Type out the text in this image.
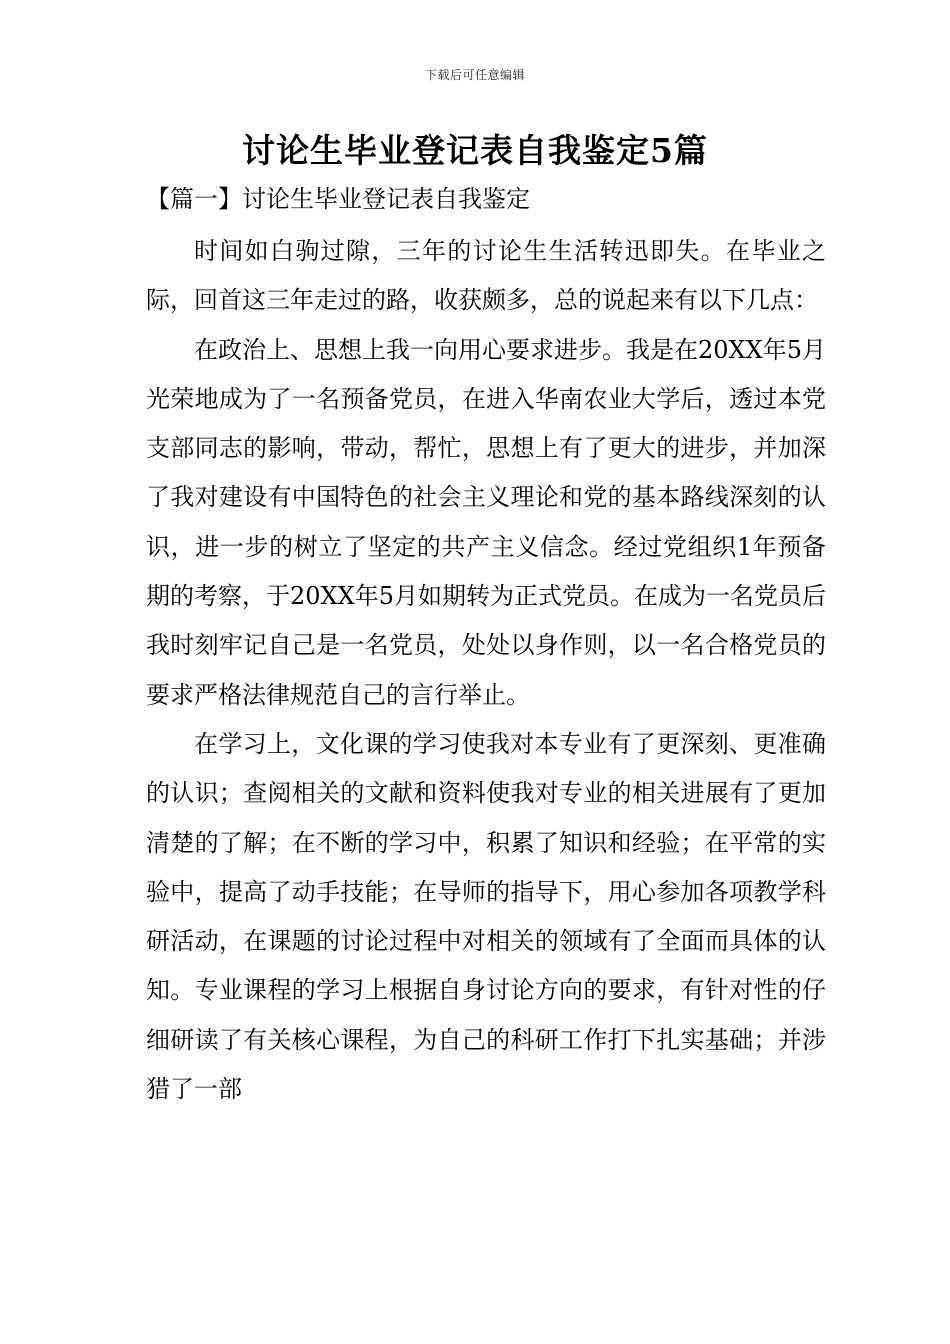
下载后可任意编辑
讨论生毕业登记表自我鉴定5篇
【篇一】讨论生毕业登记表自我鉴定

时间如白驹过隙，三年的讨论生生活转迅即失。在毕业之际，回首这三年走过的路，收获颇多，总的说起来有以下几点：

在政治上、思想上我一向用心要求进步。我是在20XX年5月光荣地成为了一名预备党员，在进入华南农业大学后，透过本党支部同志的影响，带动，帮忙，思想上有了更大的进步，并加深了我对建设有中国特色的社会主义理论和党的基本路线深刻的认识，进一步的树立了坚定的共产主义信念。经过党组织1年预备期的考察，于20XX年5月如期转为正式党员。在成为一名党员后我时刻牢记自己是一名党员，处处以身作则，以一名合格党员的要求严格法律规范自己的言行举止。

在学习上，文化课的学习使我对本专业有了更深刻、更准确的认识；查阅相关的文献和资料使我对专业的相关进展有了更加清楚的了解；在不断的学习中，积累了知识和经验；在平常的实验中，提高了动手技能；在导师的指导下，用心参加各项教学科研活动，在课题的讨论过程中对相关的领域有了全面而具体的认知。专业课程的学习上根据自身讨论方向的要求，有针对性的仔细研读了有关核心课程，为自己的科研工作打下扎实基础；并涉猎了一部
